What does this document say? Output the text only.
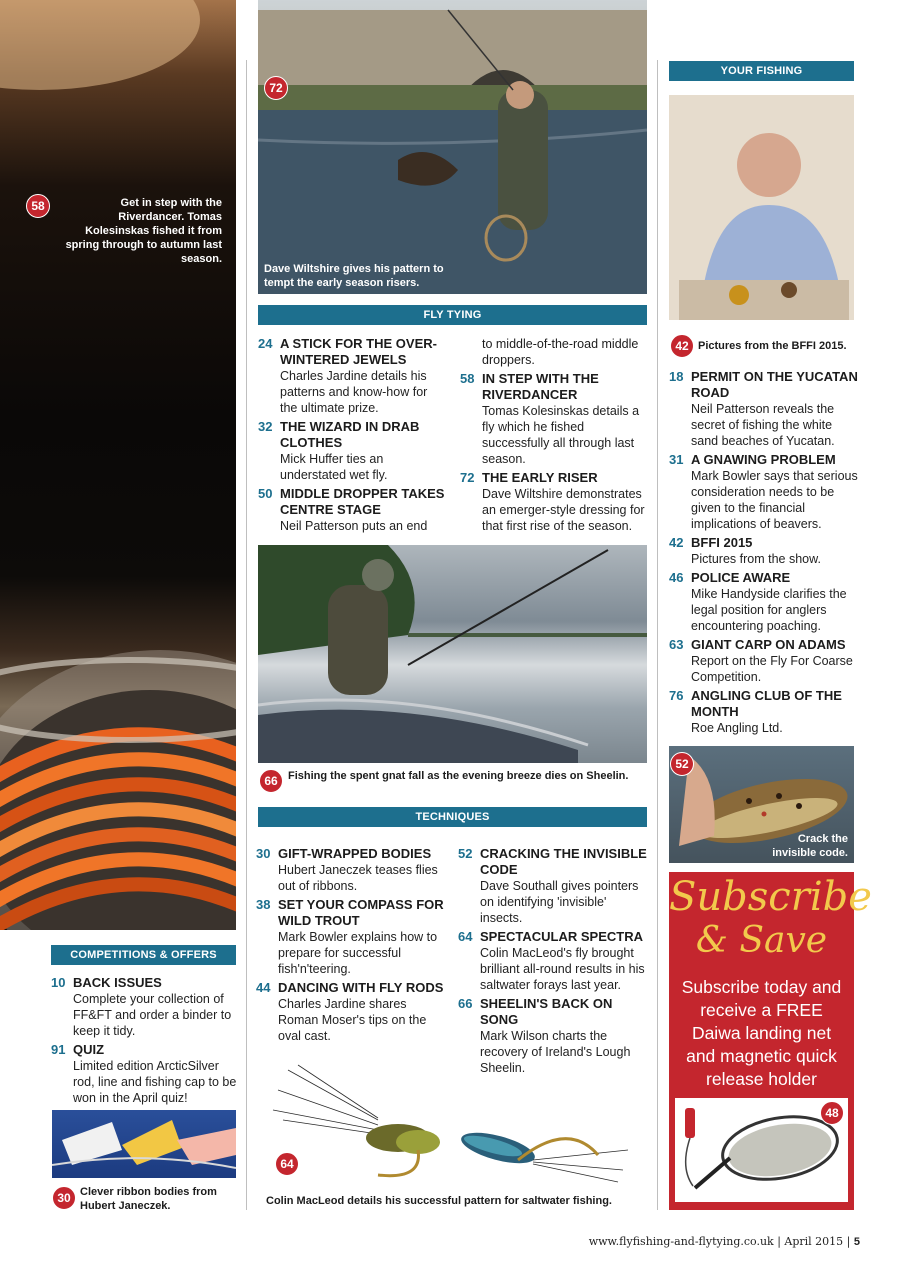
58	Get in step with the Riverdancer. Tomas Kolesinskas fished it from spring through to autumn last season.
COMPETITIONS & OFFERS
10 BACK ISSUES
Complete your collection of FF&FT and order a binder to keep it tidy.
91 QUIZ
Limited edition ArcticSilver rod, line and fishing cap to be won in the April quiz!
30 Clever ribbon bodies from Hubert Janeczek.
Dave Wiltshire gives his pattern to tempt the early season risers.
72
FLY TYING
24 A STICK FOR THE OVER-WINTERED JEWELS
Charles Jardine details his patterns and know-how for the ultimate prize.
32 THE WIZARD IN DRAB CLOTHES
Mick Huffer ties an understated wet fly.
50 MIDDLE DROPPER TAKES CENTRE STAGE
Neil Patterson puts an end
to middle-of-the-road middle droppers.
58 IN STEP WITH THE RIVERDANCER
Tomas Kolesinskas details a fly which he fished successfully all through last season.
72 THE EARLY RISER
Dave Wiltshire demonstrates an emerger-style dressing for that first rise of the season.
66 Fishing the spent gnat fall as the evening breeze dies on Sheelin.
TECHNIQUES
30 GIFT-WRAPPED BODIES
Hubert Janeczek teases flies out of ribbons.
38 SET YOUR COMPASS FOR WILD TROUT
Mark Bowler explains how to prepare for successful fish'n'teering.
44 DANCING WITH FLY RODS
Charles Jardine shares Roman Moser's tips on the oval cast.
52 CRACKING THE INVISIBLE CODE
Dave Southall gives pointers on identifying 'invisible' insects.
64 SPECTACULAR SPECTRA
Colin MacLeod's fly brought brilliant all-round results in his saltwater forays last year.
66 SHEELIN'S BACK ON SONG
Mark Wilson charts the recovery of Ireland's Lough Sheelin.
64
Colin MacLeod details his successful pattern for saltwater fishing.
YOUR FISHING
42 Pictures from the BFFI 2015.
18 PERMIT ON THE YUCATAN ROAD
Neil Patterson reveals the secret of fishing the white sand beaches of Yucatan.
31 A GNAWING PROBLEM
Mark Bowler says that serious consideration needs to be given to the financial implications of beavers.
42 BFFI 2015
Pictures from the show.
46 POLICE AWARE
Mike Handyside clarifies the legal position for anglers encountering poaching.
63 GIANT CARP ON ADAMS
Report on the Fly For Coarse Competition.
76 ANGLING CLUB OF THE MONTH
Roe Angling Ltd.
Crack the invisible code.
52
Subscribe
& Save
Subscribe today and receive a FREE Daiwa landing net and magnetic quick release holder
48
www.flyfishing-and-flytying.co.uk | April 2015 | 5
